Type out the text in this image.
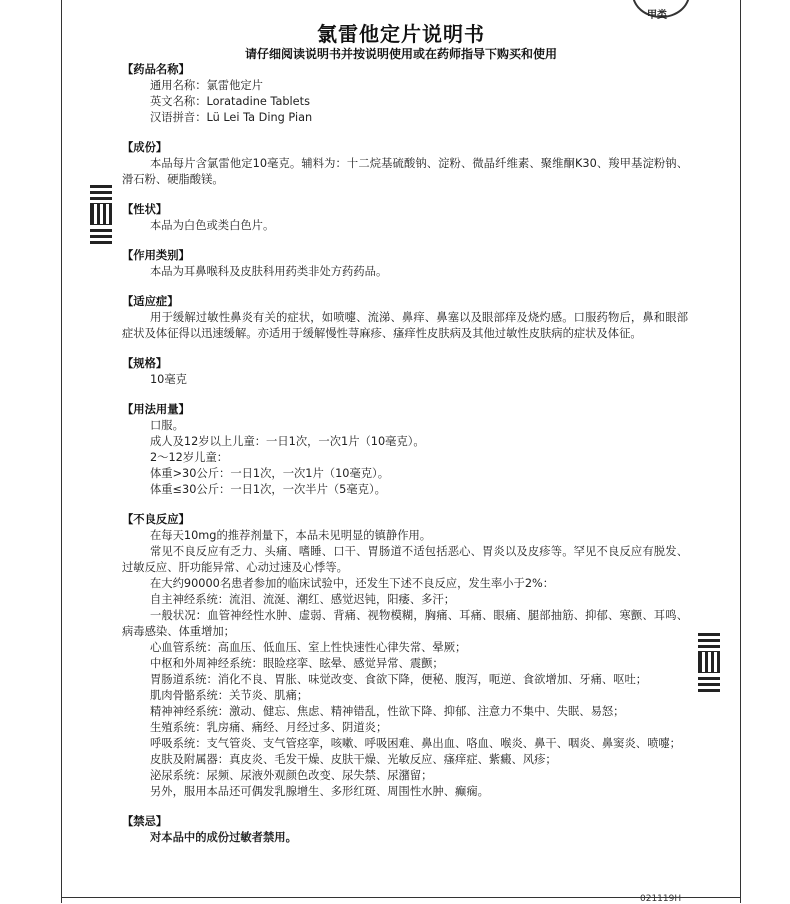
甲类
氯雷他定片说明书
请仔细阅读说明书并按说明使用或在药师指导下购买和使用
【药品名称】
通用名称：氯雷他定片
英文名称：Loratadine Tablets
汉语拼音：Lü Lei Ta Ding Pian
【成份】
本品每片含氯雷他定10毫克。辅料为：十二烷基硫酸钠、淀粉、微晶纤维素、聚维酮K30、羧甲基淀粉钠、滑石粉、硬脂酸镁。
【性状】
本品为白色或类白色片。
【作用类别】
本品为耳鼻喉科及皮肤科用药类非处方药药品。
【适应症】
用于缓解过敏性鼻炎有关的症状，如喷嚏、流涕、鼻痒、鼻塞以及眼部痒及烧灼感。口服药物后，鼻和眼部症状及体征得以迅速缓解。亦适用于缓解慢性荨麻疹、瘙痒性皮肤病及其他过敏性皮肤病的症状及体征。
【规格】
10毫克
【用法用量】
口服。
成人及12岁以上儿童：一日1次，一次1片（10毫克）。
2～12岁儿童：
体重>30公斤：一日1次，一次1片（10毫克）。
体重≤30公斤：一日1次，一次半片（5毫克）。
【不良反应】
在每天10mg的推荐剂量下，本品未见明显的镇静作用。
常见不良反应有乏力、头痛、嗜睡、口干、胃肠道不适包括恶心、胃炎以及皮疹等。罕见不良反应有脱发、过敏反应、肝功能异常、心动过速及心悸等。
在大约90000名患者参加的临床试验中，还发生下述不良反应，发生率小于2%：
自主神经系统：流泪、流涎、潮红、感觉迟钝，阳痿、多汗；
一般状况：血管神经性水肿、虚弱、背痛、视物模糊，胸痛、耳痛、眼痛、腿部抽筋、抑郁、寒颤、耳鸣、病毒感染、体重增加；
心血管系统：高血压、低血压、室上性快速性心律失常、晕厥；
中枢和外周神经系统：眼睑痉挛、眩晕、感觉异常、震颤；
胃肠道系统：消化不良、胃胀、味觉改变、食欲下降，便秘、腹泻，呃逆、食欲增加、牙痛、呕吐；
肌肉骨骼系统：关节炎、肌痛；
精神神经系统：激动、健忘、焦虑、精神错乱，性欲下降、抑郁、注意力不集中、失眠、易怒；
生殖系统：乳房痛、痛经、月经过多、阴道炎；
呼吸系统：支气管炎、支气管痉挛，咳嗽、呼吸困难、鼻出血、咯血、喉炎、鼻干、咽炎、鼻窦炎、喷嚏；
皮肤及附属器：真皮炎、毛发干燥、皮肤干燥、光敏反应、瘙痒症、紫癜、风疹；
泌尿系统：尿频、尿液外观颜色改变、尿失禁、尿潴留；
另外，服用本品还可偶发乳腺增生、多形红斑、周围性水肿、癫痫。
【禁忌】
对本品中的成份过敏者禁用。
021119H
